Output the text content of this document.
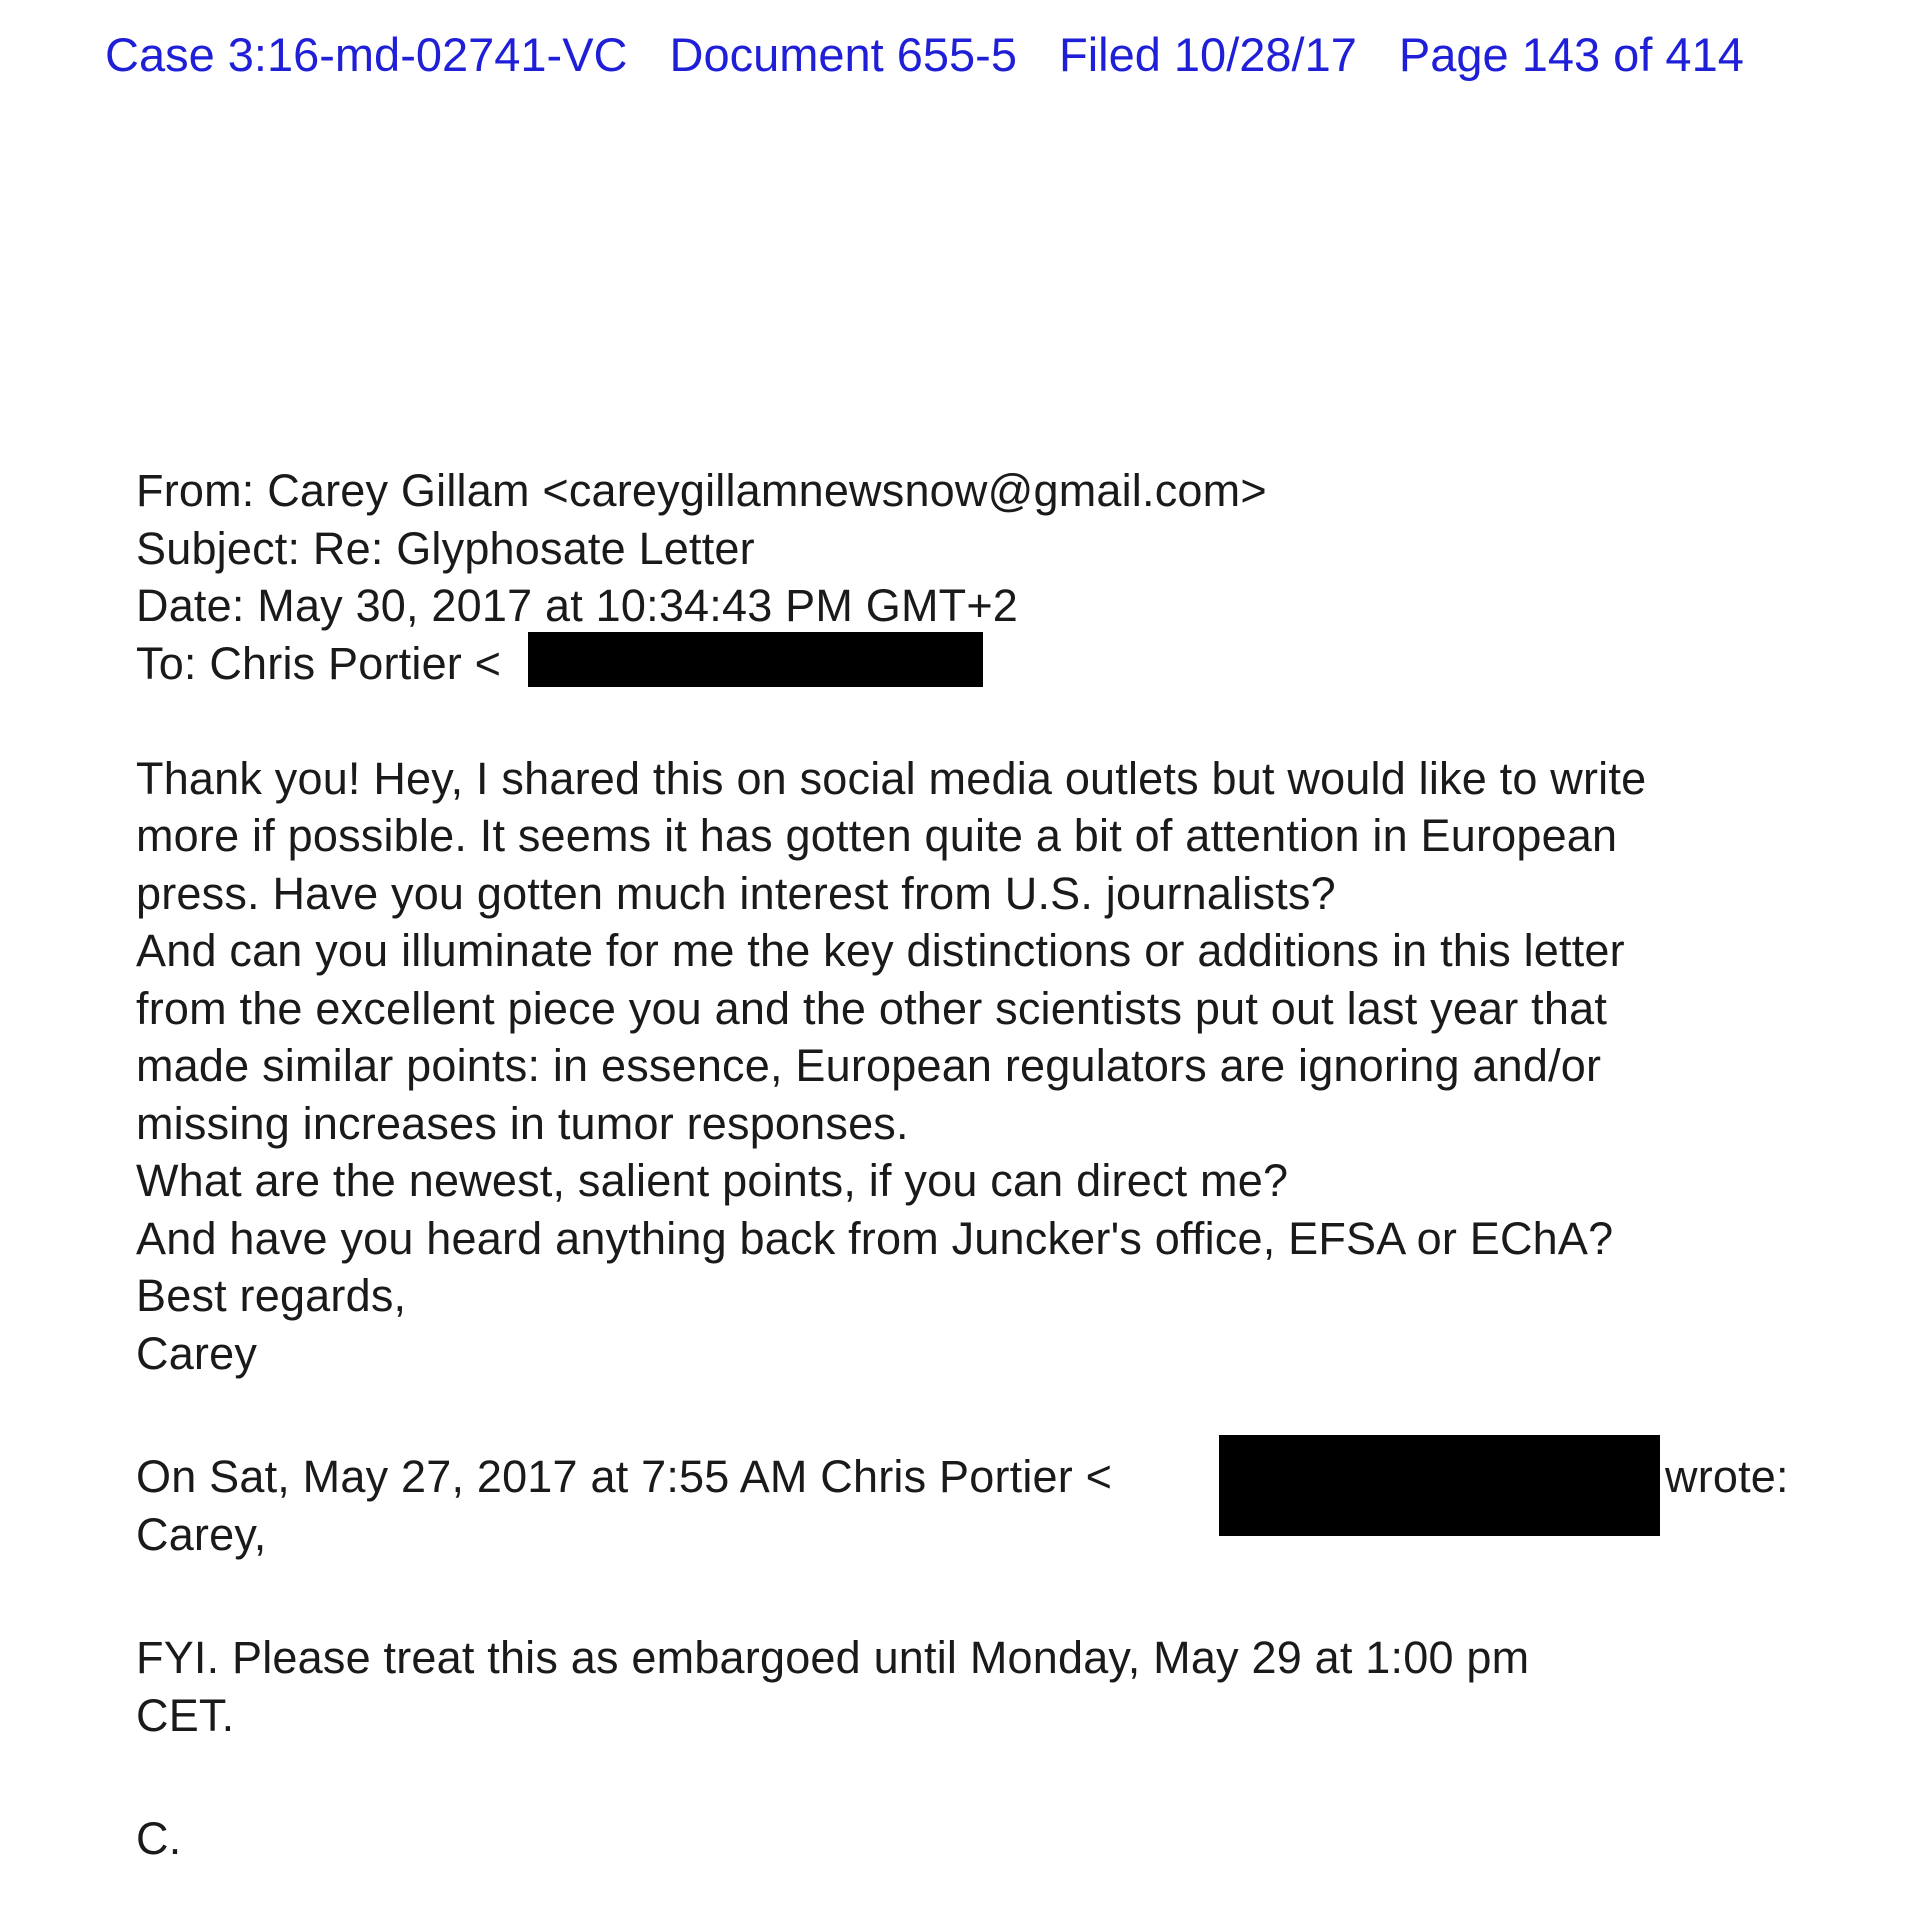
Case 3:16-md-02741-VC Document 655-5 Filed 10/28/17 Page 143 of 414
From: Carey Gillam <careygillamnewsnow@gmail.com>
Subject: Re: Glyphosate Letter
Date: May 30, 2017 at 10:34:43 PM GMT+2
To: Chris Portier <
Thank you! Hey, I shared this on social media outlets but would like to write
more if possible. It seems it has gotten quite a bit of attention in European
press. Have you gotten much interest from U.S. journalists?
And can you illuminate for me the key distinctions or additions in this letter
from the excellent piece you and the other scientists put out last year that
made similar points: in essence, European regulators are ignoring and/or
missing increases in tumor responses.
What are the newest, salient points, if you can direct me?
And have you heard anything back from Juncker's office, EFSA or EChA?
Best regards,
Carey
On Sat, May 27, 2017 at 7:55 AM Chris Portier <	wrote:
Carey,
FYI. Please treat this as embargoed until Monday, May 29 at 1:00 pm
CET.
C.
